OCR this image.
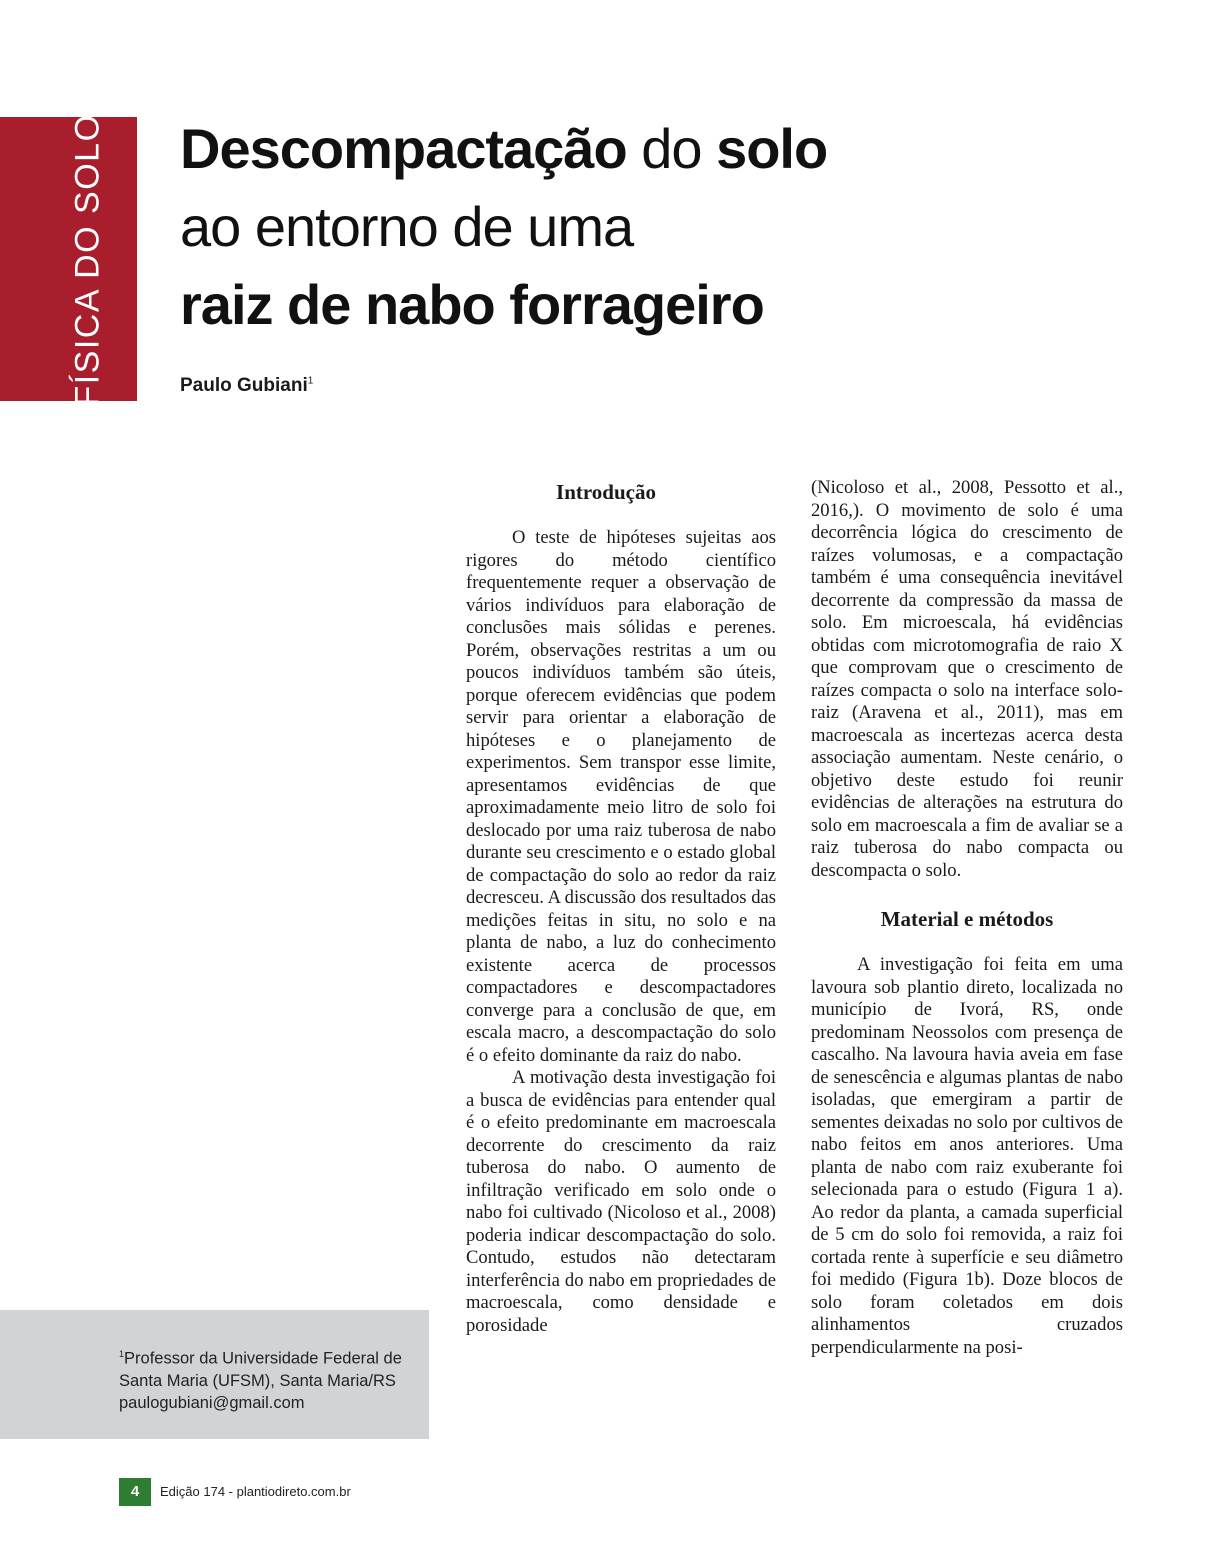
FÍSICA DO SOLO Descompactação do solo
ao entorno de uma
raiz de nabo forrageiro
Paulo Gubiani$^1$
Introdução

O teste de hipóteses sujeitas aos rigores do método científico frequentemente requer a observação de vários indivíduos para elaboração de conclusões mais sólidas e perenes. Porém, observações restritas a um ou poucos indivíduos também são úteis, porque oferecem evidências que podem servir para orientar a elaboração de hipóteses e o planejamento de experimentos. Sem transpor esse limite, apresentamos evidências de que aproximadamente meio litro de solo foi deslocado por uma raiz tuberosa de nabo durante seu crescimento e o estado global de compactação do solo ao redor da raiz decresceu. A discussão dos resultados das medições feitas in situ, no solo e na planta de nabo, a luz do conhecimento existente acerca de processos compactadores e descompactadores converge para a conclusão de que, em escala macro, a descompactação do solo é o efeito dominante da raiz do nabo.

A motivação desta investigação foi a busca de evidências para entender qual é o efeito predominante em macroescala decorrente do crescimento da raiz tuberosa do nabo. O aumento de infiltração verificado em solo onde o nabo foi cultivado (Nicoloso et al., 2008) poderia indicar descompactação do solo. Contudo, estudos não detectaram interferência do nabo em propriedades de macroescala, como densidade e porosidade

(Nicoloso et al., 2008, Pessotto et al., 2016,). O movimento de solo é uma decorrência lógica do crescimento de raízes volumosas, e a compactação também é uma consequência inevitável decorrente da compressão da massa de solo. Em microescala, há evidências obtidas com microtomografia de raio X que comprovam que o crescimento de raízes compacta o solo na interface solo-raiz (Aravena et al., 2011), mas em macroescala as incertezas acerca desta associação aumentam. Neste cenário, o objetivo deste estudo foi reunir evidências de alterações na estrutura do solo em macroescala a fim de avaliar se a raiz tuberosa do nabo compacta ou descompacta o solo.

Material e métodos

A investigação foi feita em uma lavoura sob plantio direto, localizada no município de Ivorá, RS, onde predominam Neossolos com presença de cascalho. Na lavoura havia aveia em fase de senescência e algumas plantas de nabo isoladas, que emergiram a partir de sementes deixadas no solo por cultivos de nabo feitos em anos anteriores. Uma planta de nabo com raiz exuberante foi selecionada para o estudo (Figura 1 a). Ao redor da planta, a camada superficial de 5 cm do solo foi removida, a raiz foi cortada rente à superfície e seu diâmetro foi medido (Figura 1b). Doze blocos de solo foram coletados em dois alinhamentos cruzados perpendicularmente na posi-

$^1$Professor da Universidade Federal de Santa Maria (UFSM), Santa Maria/RS
paulogubiani@gmail.com
4	Edição 174 - plantiodireto.com.br
